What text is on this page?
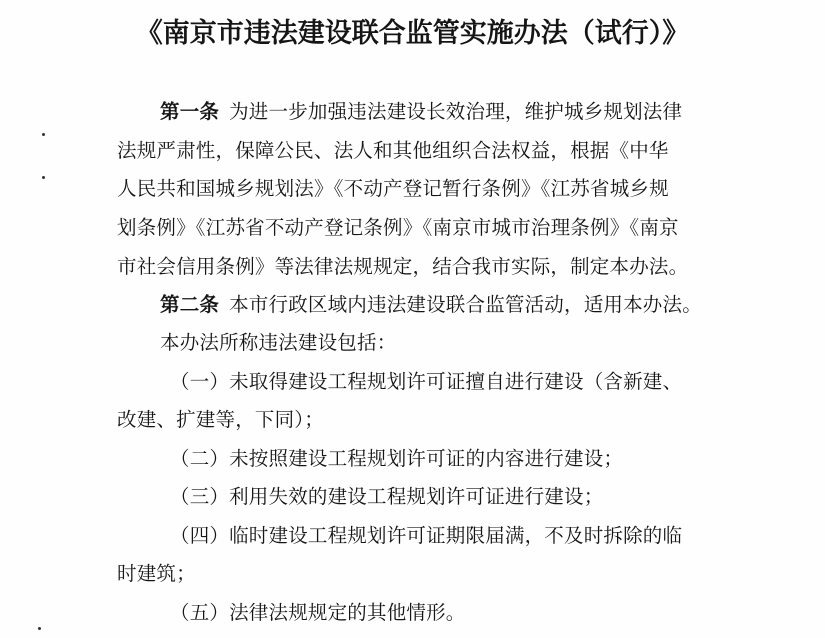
《南京市违法建设联合监管实施办法（试行）》
第一条 为进一步加强违法建设长效治理，维护城乡规划法律
法规严肃性，保障公民、法人和其他组织合法权益，根据《中华
人民共和国城乡规划法》《不动产登记暂行条例》《江苏省城乡规
划条例》《江苏省不动产登记条例》《南京市城市治理条例》《南京
市社会信用条例》等法律法规规定，结合我市实际，制定本办法。
第二条 本市行政区域内违法建设联合监管活动，适用本办法。
本办法所称违法建设包括：
（一）未取得建设工程规划许可证擅自进行建设（含新建、
改建、扩建等，下同）；
（二）未按照建设工程规划许可证的内容进行建设；
（三）利用失效的建设工程规划许可证进行建设；
（四）临时建设工程规划许可证期限届满，不及时拆除的临
时建筑；
（五）法律法规规定的其他情形。
